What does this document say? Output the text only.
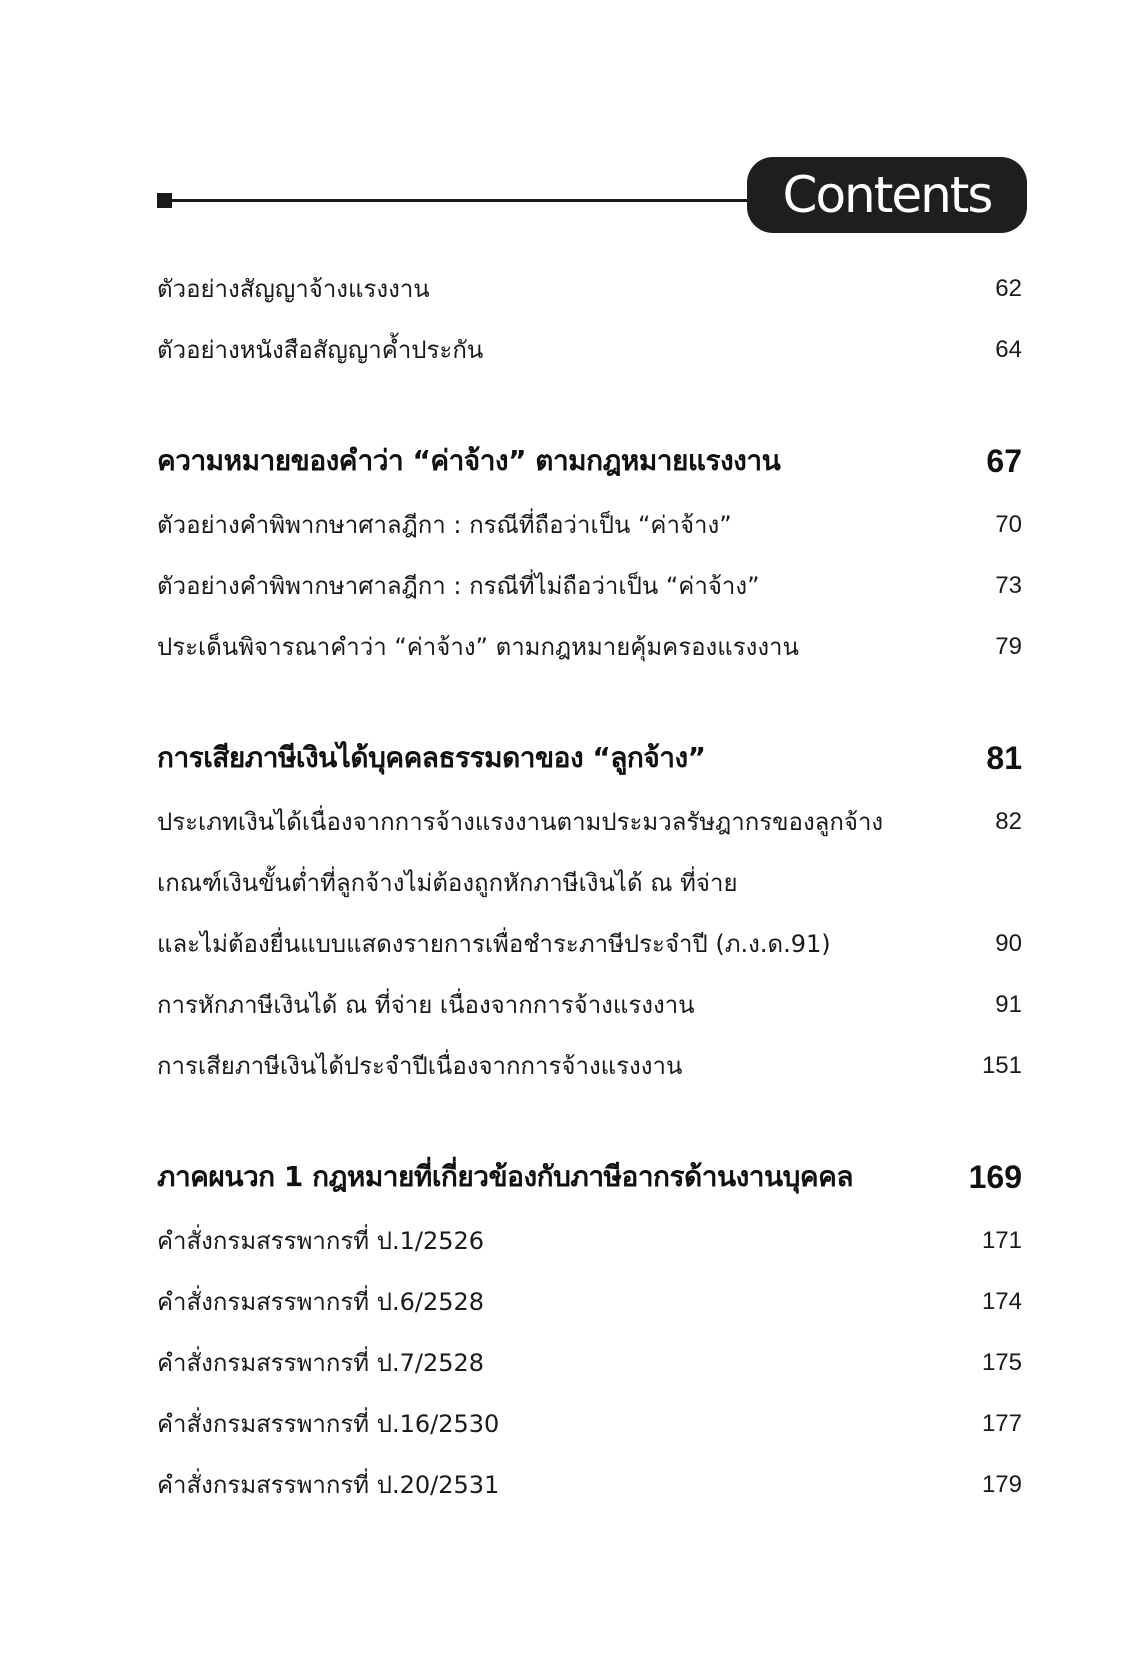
Contents
ตัวอย่างสัญญาจ้างแรงงาน	62
ตัวอย่างหนังสือสัญญาค้ำประกัน	64
ความหมายของคำว่า “ค่าจ้าง” ตามกฎหมายแรงงาน	67
ตัวอย่างคำพิพากษาศาลฎีกา : กรณีที่ถือว่าเป็น “ค่าจ้าง”	70
ตัวอย่างคำพิพากษาศาลฎีกา : กรณีที่ไม่ถือว่าเป็น “ค่าจ้าง”	73
ประเด็นพิจารณาคำว่า “ค่าจ้าง” ตามกฎหมายคุ้มครองแรงงาน	79
การเสียภาษีเงินได้บุคคลธรรมดาของ “ลูกจ้าง”	81
ประเภทเงินได้เนื่องจากการจ้างแรงงานตามประมวลรัษฎากรของลูกจ้าง	82
เกณฑ์เงินขั้นต่ำที่ลูกจ้างไม่ต้องถูกหักภาษีเงินได้ ณ ที่จ่าย
และไม่ต้องยื่นแบบแสดงรายการเพื่อชำระภาษีประจำปี (ภ.ง.ด.91)	90
การหักภาษีเงินได้ ณ ที่จ่าย เนื่องจากการจ้างแรงงาน	91
การเสียภาษีเงินได้ประจำปีเนื่องจากการจ้างแรงงาน	151
ภาคผนวก 1 กฎหมายที่เกี่ยวข้องกับภาษีอากรด้านงานบุคคล	169
คำสั่งกรมสรรพากรที่ ป.1/2526	171
คำสั่งกรมสรรพากรที่ ป.6/2528	174
คำสั่งกรมสรรพากรที่ ป.7/2528	175
คำสั่งกรมสรรพากรที่ ป.16/2530	177
คำสั่งกรมสรรพากรที่ ป.20/2531	179
